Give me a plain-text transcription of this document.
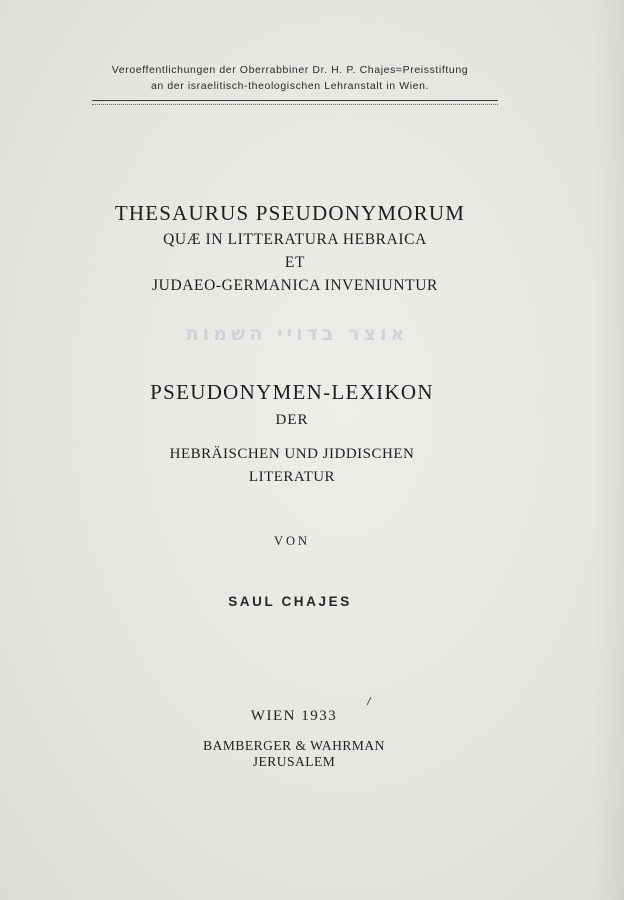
Veroeffentlichungen der Oberrabbiner Dr. H. P. Chajes=Preisstiftung
an der israelitisch-theologischen Lehranstalt in Wien.
THESAURUS PSEUDONYMORUM
QUÆ IN LITTERATURA HEBRAICA
ET
JUDAEO-GERMANICA INVENIUNTUR
אוצר בדויי השמות
PSEUDONYMEN-LEXIKON
DER
HEBRÄISCHEN UND JIDDISCHEN
LITERATUR
VON
SAUL CHAJES
WIEN 1933
BAMBERGER & WAHRMAN
JERUSALEM
